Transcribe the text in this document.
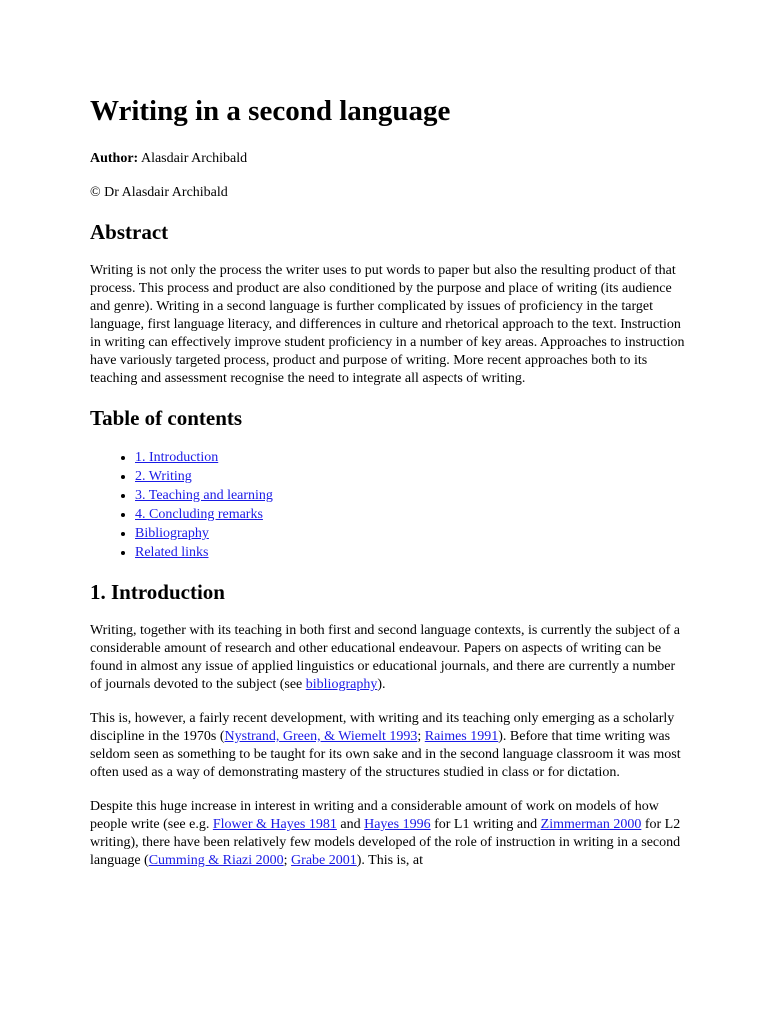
Writing in a second language
Author: Alasdair Archibald
© Dr Alasdair Archibald
Abstract

Writing is not only the process the writer uses to put words to paper but also the resulting product of that process. This process and product are also conditioned by the purpose and place of writing (its audience and genre). Writing in a second language is further complicated by issues of proficiency in the target language, first language literacy, and differences in culture and rhetorical approach to the text. Instruction in writing can effectively improve student proficiency in a number of key areas. Approaches to instruction have variously targeted process, product and purpose of writing. More recent approaches both to its teaching and assessment recognise the need to integrate all aspects of writing.

Table of contents
• 1. Introduction
• 2. Writing
• 3. Teaching and learning
• 4. Concluding remarks
• Bibliography
• Related links
1. Introduction

Writing, together with its teaching in both first and second language contexts, is currently the subject of a considerable amount of research and other educational endeavour. Papers on aspects of writing can be found in almost any issue of applied linguistics or educational journals, and there are currently a number of journals devoted to the subject (see bibliography).

This is, however, a fairly recent development, with writing and its teaching only emerging as a scholarly discipline in the 1970s (Nystrand, Green, & Wiemelt 1993; Raimes 1991). Before that time writing was seldom seen as something to be taught for its own sake and in the second language classroom it was most often used as a way of demonstrating mastery of the structures studied in class or for dictation.

Despite this huge increase in interest in writing and a considerable amount of work on models of how people write (see e.g. Flower & Hayes 1981 and Hayes 1996 for L1 writing and Zimmerman 2000 for L2 writing), there have been relatively few models developed of the role of instruction in writing in a second language (Cumming & Riazi 2000; Grabe 2001). This is, at
